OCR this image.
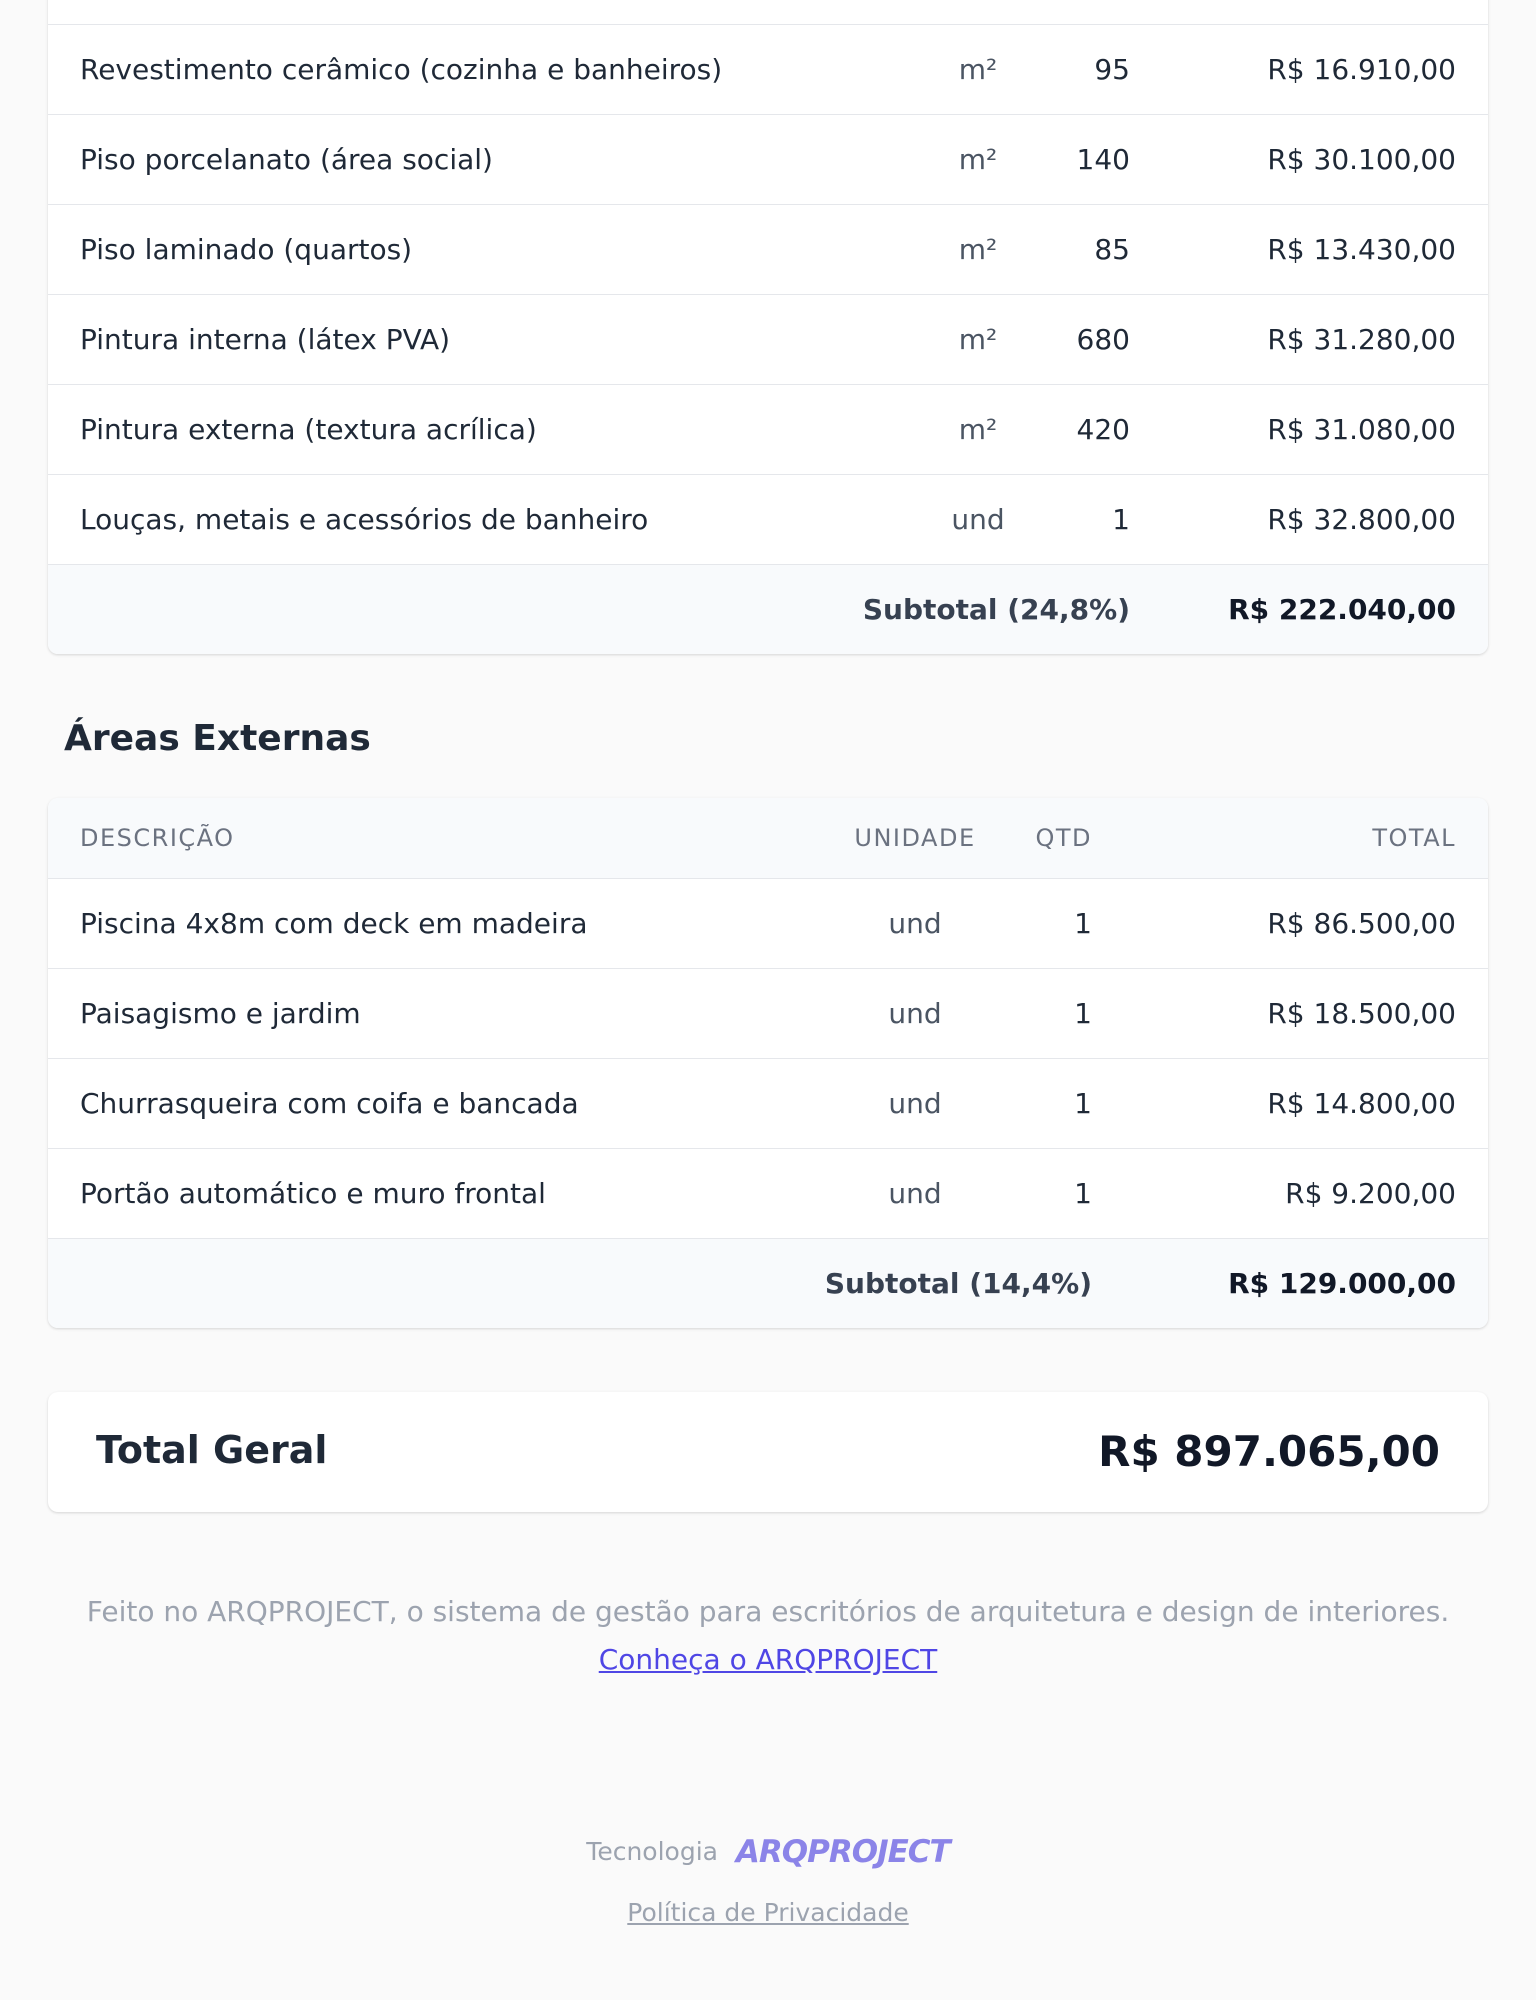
Revestimento cerâmico (cozinha e banheiros)	m²	95	R$ 16.910,00
Piso porcelanato (área social)	m²	140	R$ 30.100,00
Piso laminado (quartos)	m²	85	R$ 13.430,00
Pintura interna (látex PVA)	m²	680	R$ 31.280,00
Pintura externa (textura acrílica)	m²	420	R$ 31.080,00
Louças, metais e acessórios de banheiro	und	1	R$ 32.800,00
Subtotal (24,8%)	R$ 222.040,00
Áreas Externas
DESCRIÇÃO	UNIDADE	QTD	TOTAL
Piscina 4x8m com deck em madeira	und	1	R$ 86.500,00
Paisagismo e jardim	und	1	R$ 18.500,00
Churrasqueira com coifa e bancada	und	1	R$ 14.800,00
Portão automático e muro frontal	und	1	R$ 9.200,00
Subtotal (14,4%)	R$ 129.000,00
Total Geral	R$ 897.065,00
Feito no ARQPROJECT, o sistema de gestão para escritórios de arquitetura e design de interiores.
Conheça o ARQPROJECT
Tecnologia ARQPROJECT
Política de Privacidade
